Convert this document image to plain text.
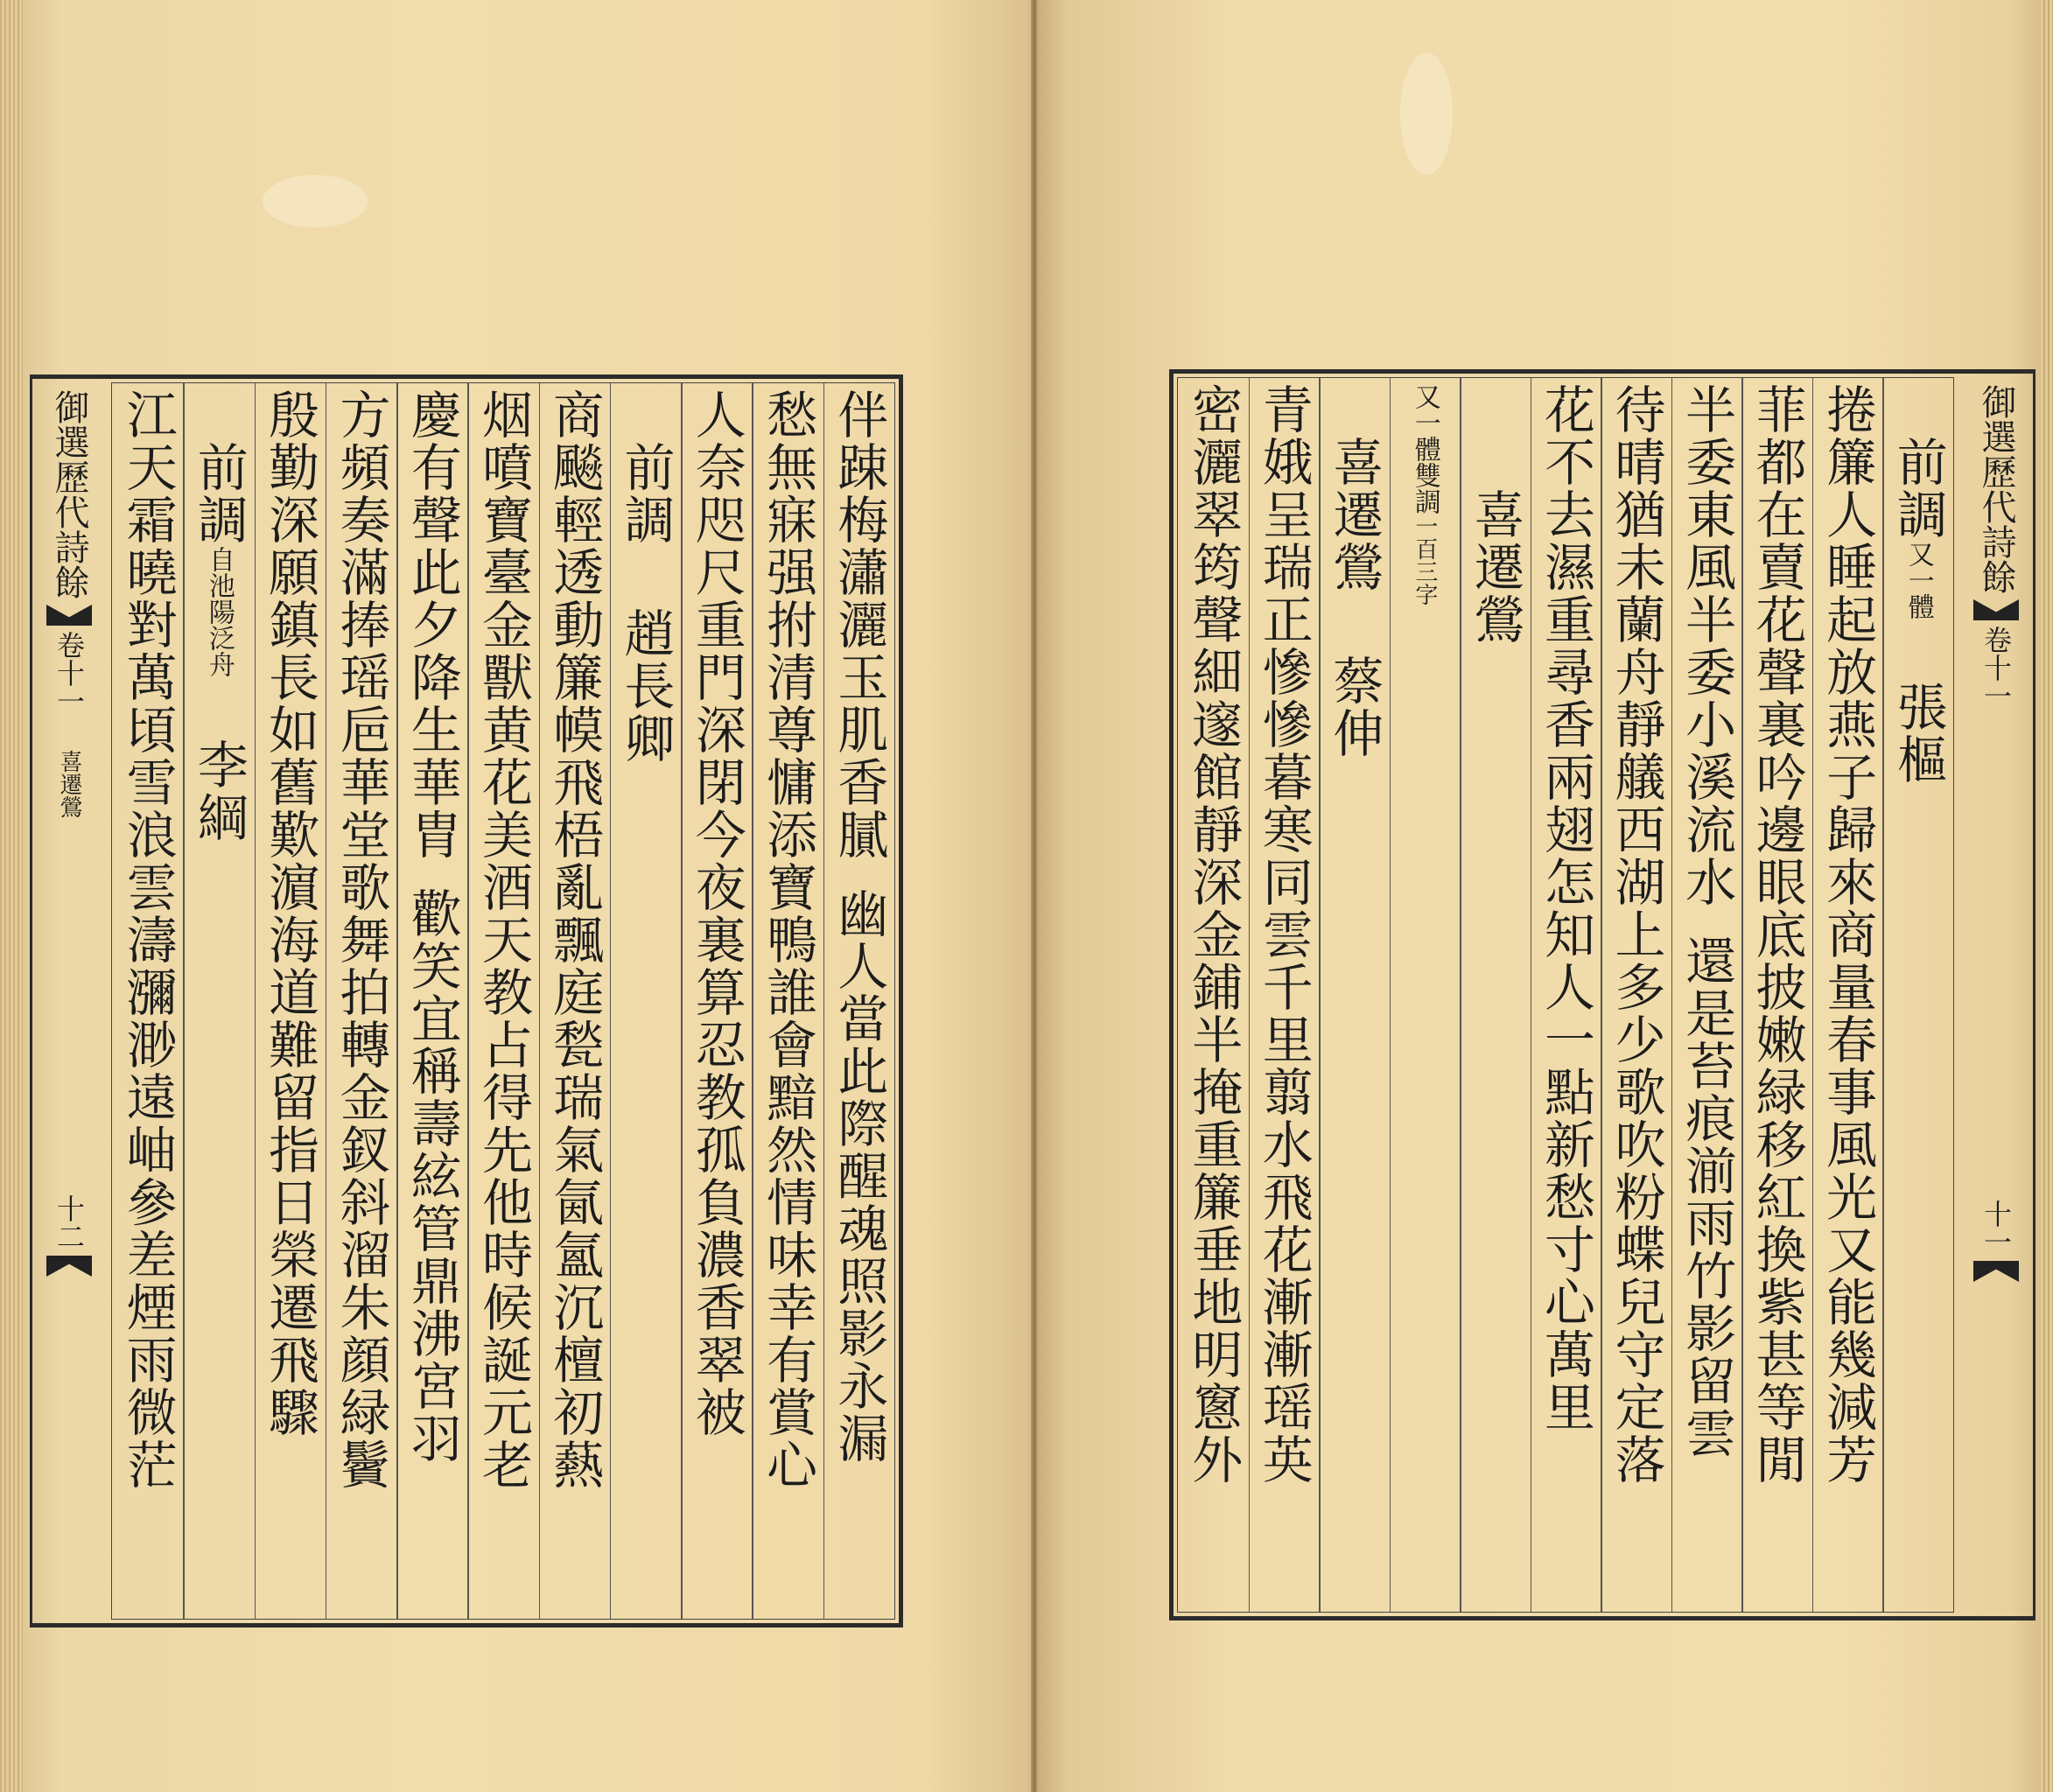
御選歷代詩餘
卷十一
喜遷鶯
十二
伴踈梅瀟灑玉肌香膩
幽人當此際醒魂照影永漏
愁無寐强拊清尊慵添寶鴨誰會黯然情味幸有賞心
人奈咫尺重門深閉今夜裏算忍教孤負濃香翠被
　前調
趙長卿
商飈輕透動簾幙飛梧亂飄庭甃瑞氣氤氳沉檀初爇
烟噴寶臺金獸黄花美酒天教占得先他時候誕元老
慶有聲此夕降生華胄
歡笑宜稱壽絃管鼎沸宮羽
方頻奏滿捧瑶巵華堂歌舞拍轉金釵斜溜朱顔緑鬢
殷勤深願鎮長如舊歎濵海道難留指日榮遷飛驟
　前調
自池陽泛舟
李綱
江天霜曉對萬頃雪浪雲濤瀰渺遠岫參差煙雨微茫	　前調
又一體
張樞
捲簾人睡起放燕子歸來商量春事風光又能幾減芳
菲都在賣花聲裏吟邊眼底披嫩緑移紅換紫甚等閒
半委東風半委小溪流水
還是苔痕湔雨竹影留雲
待晴猶未蘭舟靜艤西湖上多少歌吹粉蝶兒守定落
花不去濕重尋香兩翅怎知人一點新愁寸心萬里
　　喜遷鶯
又一體雙調
一百三字
　喜遷鶯
蔡伸
青娥呈瑞正慘慘暮寒同雲千里翦水飛花漸漸瑶英
密灑翠筠聲細邃館靜深金鋪半掩重簾垂地明窻外	御選歷代詩餘
卷十一
十一
